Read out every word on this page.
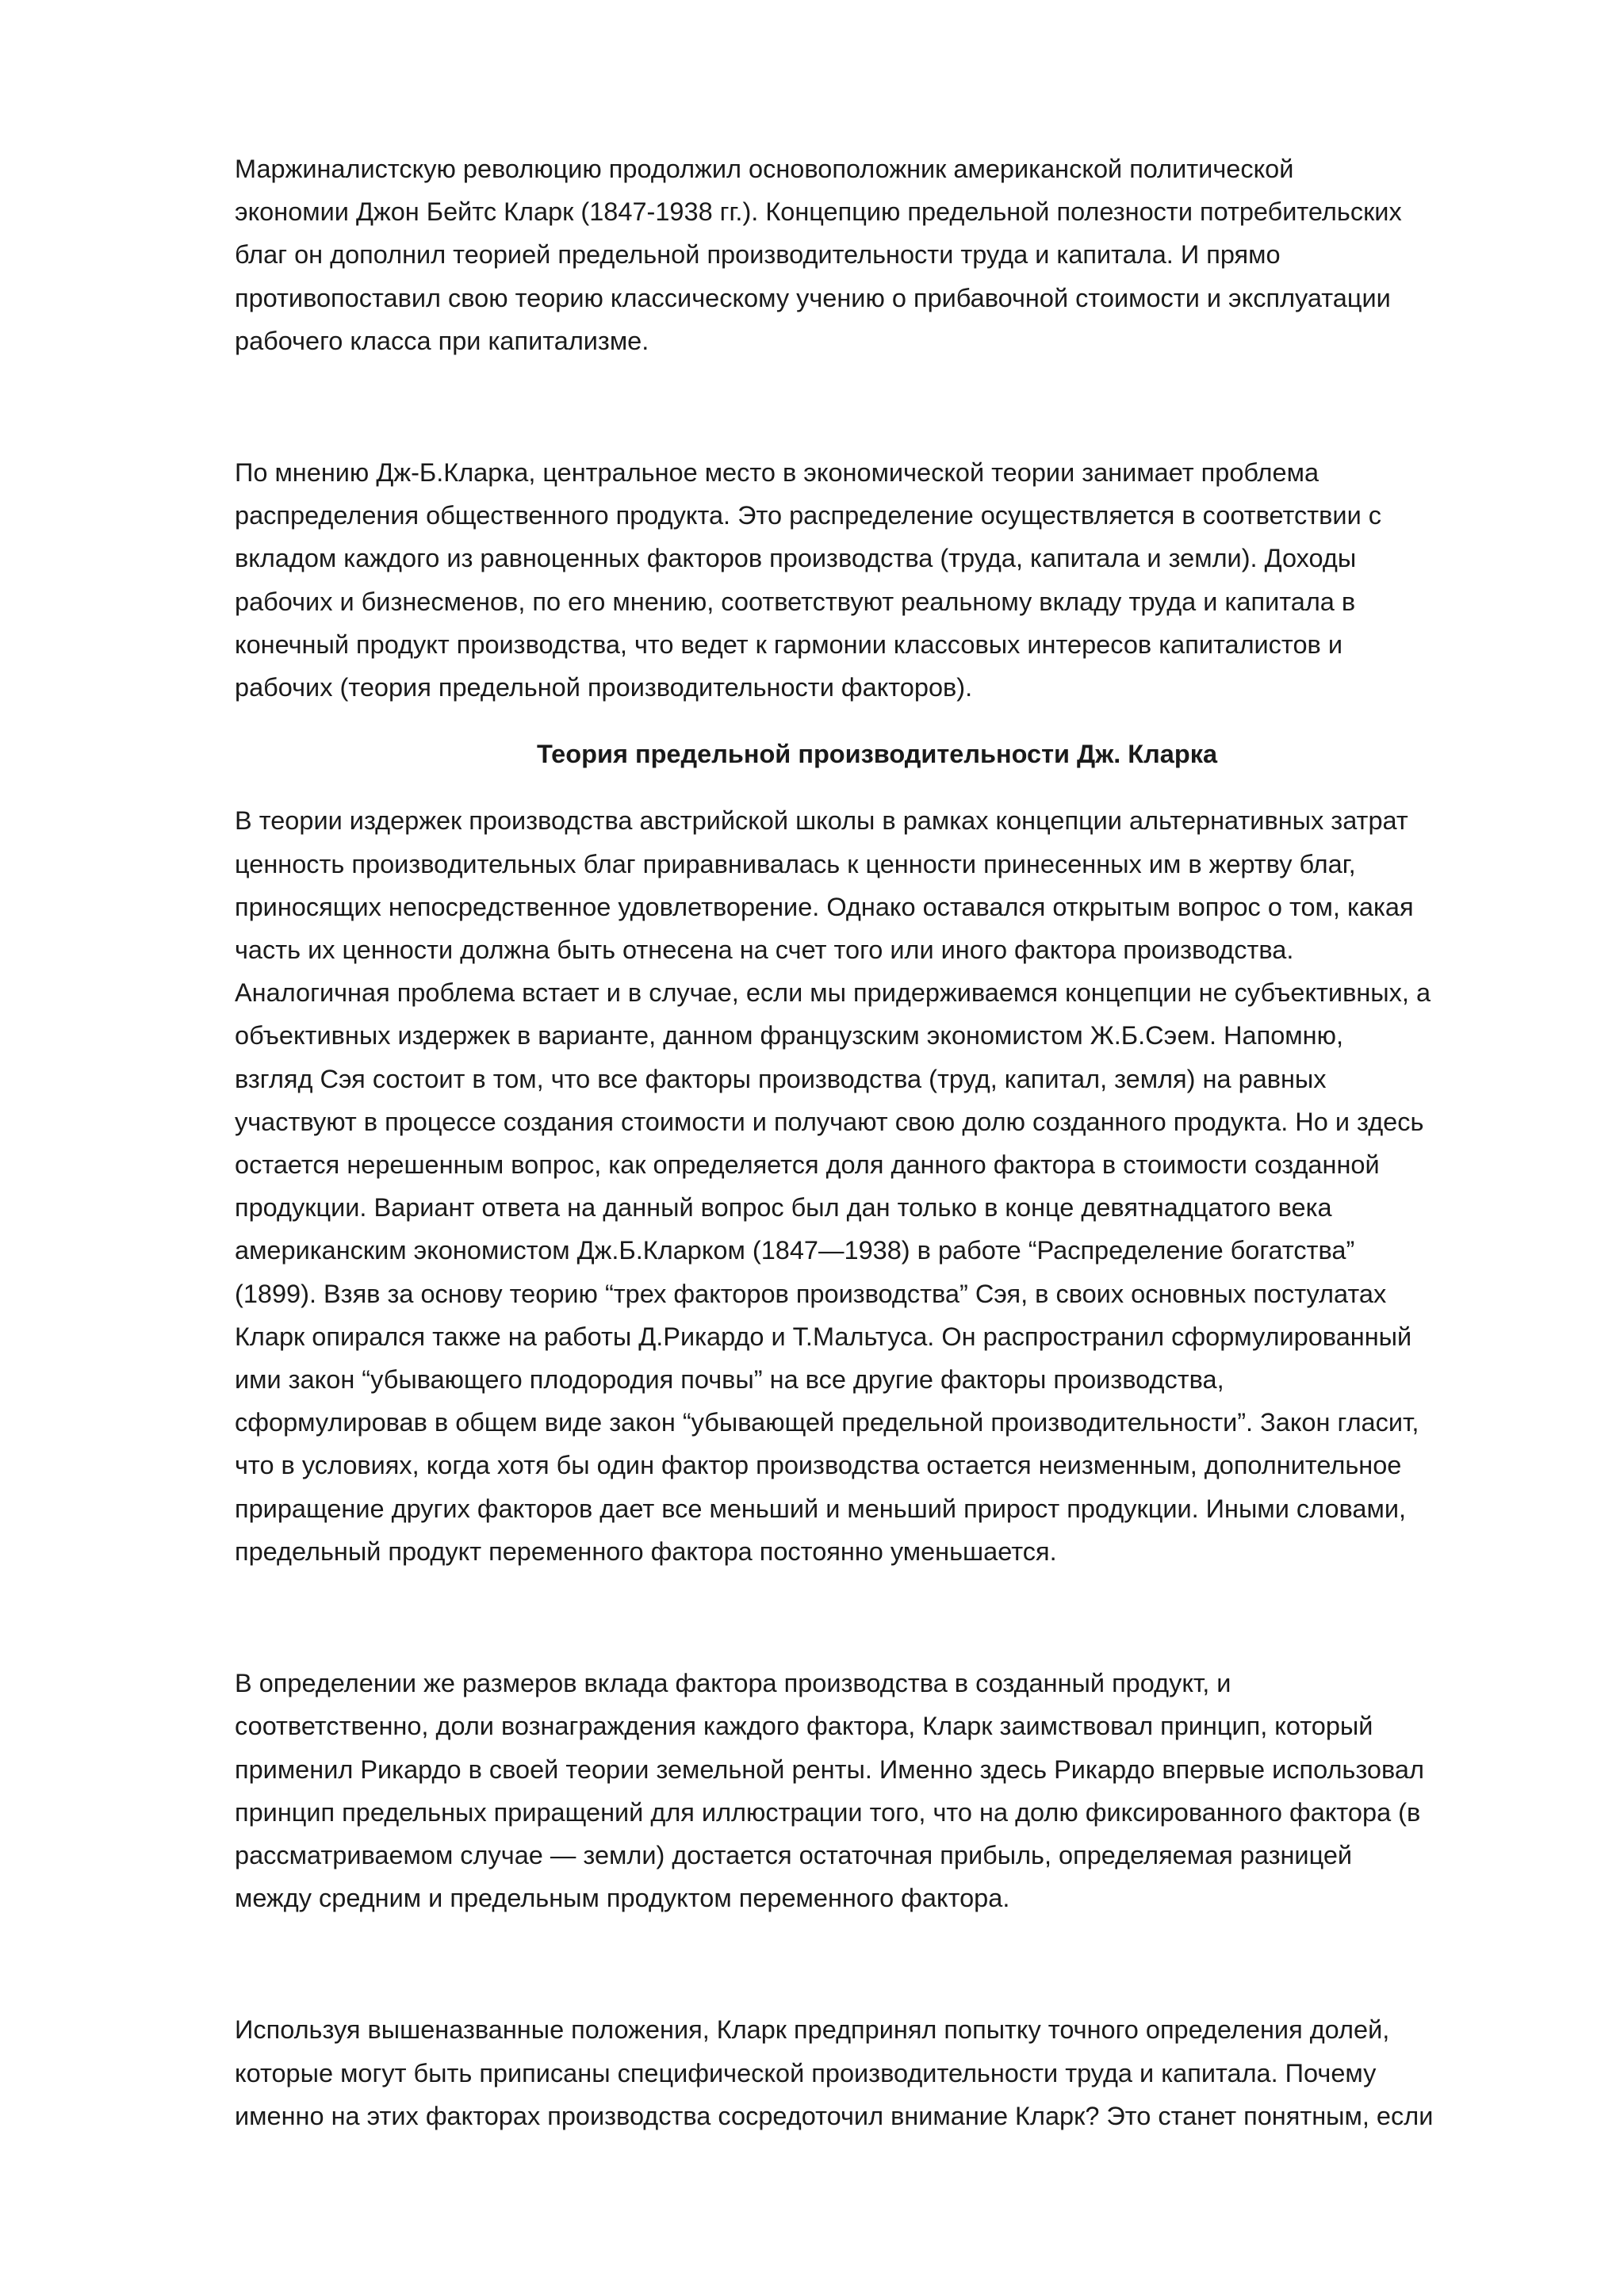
Маржиналистскую революцию продолжил основоположник американской политической
экономии Джон Бейтс Кларк (1847-1938 гг.). Концепцию предельной полезности потребительских
благ он дополнил теорией предельной производительности труда и капитала. И прямо
противопоставил свою теорию классическому учению о прибавочной стоимости и эксплуатации
рабочего класса при капитализме.

По мнению Дж-Б.Кларка, центральное место в экономической теории занимает проблема
распределения общественного продукта. Это распределение осуществляется в соответствии с
вкладом каждого из равноценных факторов производства (труда, капитала и земли). Доходы
рабочих и бизнесменов, по его мнению, соответствуют реальному вкладу труда и капитала в
конечный продукт производства, что ведет к гармонии классовых интересов капиталистов и
рабочих (теория предельной производительности факторов).

Теория предельной производительности Дж. Кларка

В теории издержек производства австрийской школы в рамках концепции альтернативных затрат
ценность производительных благ приравнивалась к ценности принесенных им в жертву благ,
приносящих непосредственное удовлетворение. Однако оставался открытым вопрос о том, какая
часть их ценности должна быть отнесена на счет того или иного фактора производства.
Аналогичная проблема встает и в случае, если мы придерживаемся концепции не субъективных, а
объективных издержек в варианте, данном французским экономистом Ж.Б.Сэем. Напомню,
взгляд Сэя состоит в том, что все факторы производства (труд, капитал, земля) на равных
участвуют в процессе создания стоимости и получают свою долю созданного продукта. Но и здесь
остается нерешенным вопрос, как определяется доля данного фактора в стоимости созданной
продукции. Вариант ответа на данный вопрос был дан только в конце девятнадцатого века
американским экономистом Дж.Б.Кларком (1847—1938) в работе “Распределение богатства”
(1899). Взяв за основу теорию “трех факторов производства” Сэя, в своих основных постулатах
Кларк опирался также на работы Д.Рикардо и Т.Мальтуса. Он распространил сформулированный
ими закон “убывающего плодородия почвы” на все другие факторы производства,
сформулировав в общем виде закон “убывающей предельной производительности”. Закон гласит,
что в условиях, когда хотя бы один фактор производства остается неизменным, дополнительное
приращение других факторов дает все меньший и меньший прирост продукции. Иными словами,
предельный продукт переменного фактора постоянно уменьшается.

В определении же размеров вклада фактора производства в созданный продукт, и
соответственно, доли вознаграждения каждого фактора, Кларк заимствовал принцип, который
применил Рикардо в своей теории земельной ренты. Именно здесь Рикардо впервые использовал
принцип предельных приращений для иллюстрации того, что на долю фиксированного фактора (в
рассматриваемом случае — земли) достается остаточная прибыль, определяемая разницей
между средним и предельным продуктом переменного фактора.

Используя вышеназванные положения, Кларк предпринял попытку точного определения долей,
которые могут быть приписаны специфической производительности труда и капитала. Почему
именно на этих факторах производства сосредоточил внимание Кларк? Это станет понятным, если
